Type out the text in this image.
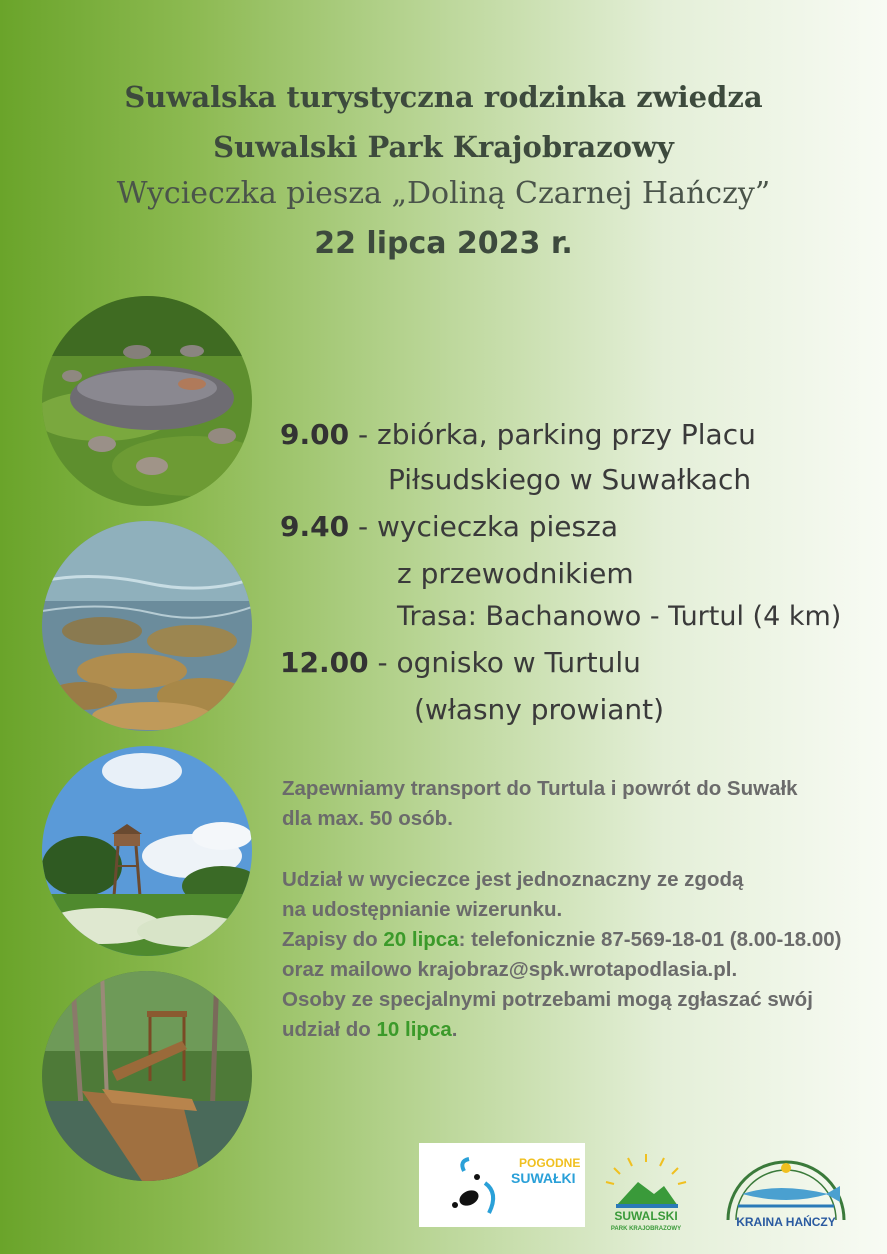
Suwalska turystyczna rodzinka zwiedza
Suwalski Park Krajobrazowy
Wycieczka piesza „Doliną Czarnej Hańczy”
22 lipca 2023 r.
9.00 - zbiórka, parking przy Placu
Piłsudskiego w Suwałkach
9.40 - wycieczka piesza
z przewodnikiem
Trasa: Bachanowo - Turtul (4 km)
12.00 - ognisko w Turtulu
(własny prowiant)
Zapewniamy transport do Turtula i powrót do Suwałk
dla max. 50 osób.
Udział w wycieczce jest jednoznaczny ze zgodą
na udostępnianie wizerunku.
Zapisy do 20 lipca: telefonicznie 87-569-18-01 (8.00-18.00)
oraz mailowo krajobraz@spk.wrotapodlasia.pl.
Osoby ze specjalnymi potrzebami mogą zgłaszać swój
udział do 10 lipca.
POGODNE
SUWAŁKI
SUWALSKI
PARK KRAJOBRAZOWY	KRAINA HAŃCZY
